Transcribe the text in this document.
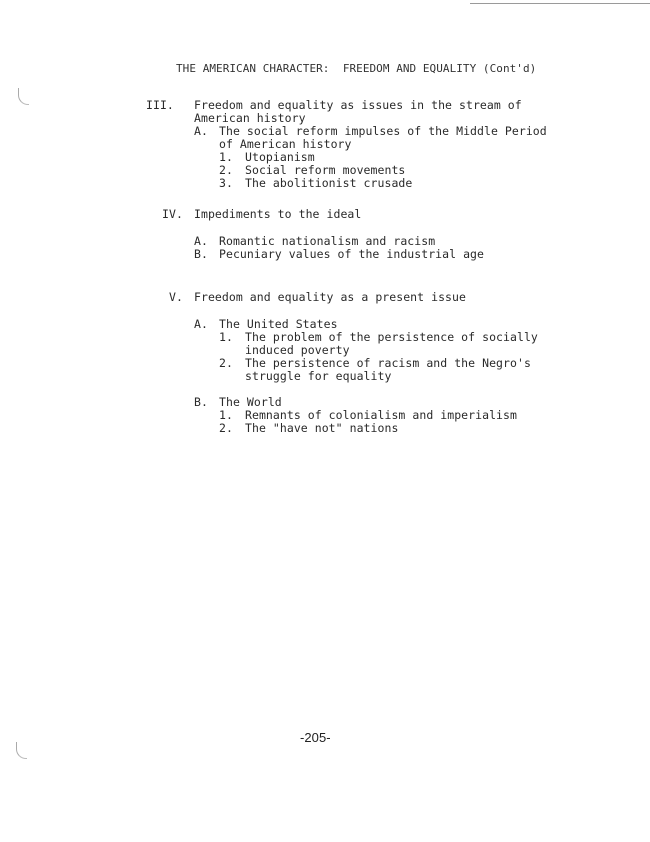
THE AMERICAN CHARACTER:  FREEDOM AND EQUALITY (Cont'd)
III. Freedom and equality as issues in the stream of
American history
A. The social reform impulses of the Middle Period
of American history
1. Utopianism
2. Social reform movements
3. The abolitionist crusade
IV. Impediments to the ideal
A. Romantic nationalism and racism
B. Pecuniary values of the industrial age
V. Freedom and equality as a present issue
A. The United States
1. The problem of the persistence of socially
induced poverty
2. The persistence of racism and the Negro's
struggle for equality
B. The World
1. Remnants of colonialism and imperialism
2. The "have not" nations
-205-
